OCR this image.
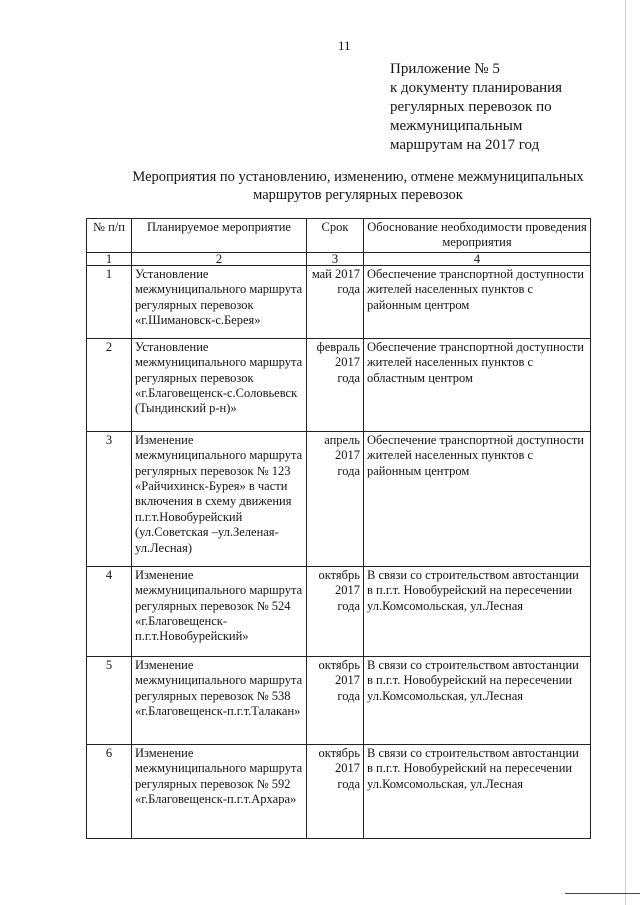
11
Приложение № 5
к документу планирования
регулярных перевозок по
межмуниципальным
маршрутам на 2017 год
Мероприятия по установлению, изменению, отмене межмуниципальных
маршрутов регулярных перевозок
№ п/п	Планируемое мероприятие	Срок	Обоснование необходимости проведения мероприятия
1	2	3	4
1	Установление межмуниципального маршрута регулярных перевозок «г.Шимановск-с.Берея»	май 2017 года	Обеспечение транспортной доступности жителей населенных пунктов с районным центром
2	Установление межмуниципального маршрута регулярных перевозок «г.Благовещенск-с.Соловьевск (Тындинский р-н)»	февраль 2017 года	Обеспечение транспортной доступности жителей населенных пунктов с областным центром
3	Изменение межмуниципального маршрута регулярных перевозок № 123 «Райчихинск-Бурея» в части включения в схему движения п.г.т.Новобурейский (ул.Советская –ул.Зеленая-ул.Лесная)	апрель 2017 года	Обеспечение транспортной доступности жителей населенных пунктов с районным центром
4	Изменение межмуниципального маршрута регулярных перевозок № 524 «г.Благовещенск-п.г.т.Новобурейский»	октябрь 2017 года	В связи со строительством автостанции в п.г.т. Новобурейский на пересечении ул.Комсомольская, ул.Лесная
5	Изменение межмуниципального маршрута регулярных перевозок № 538 «г.Благовещенск-п.г.т.Талакан»	октябрь 2017 года	В связи со строительством автостанции в п.г.т. Новобурейский на пересечении ул.Комсомольская, ул.Лесная
6	Изменение межмуниципального маршрута регулярных перевозок № 592 «г.Благовещенск-п.г.т.Архара»	октябрь 2017 года	В связи со строительством автостанции в п.г.т. Новобурейский на пересечении ул.Комсомольская, ул.Лесная
